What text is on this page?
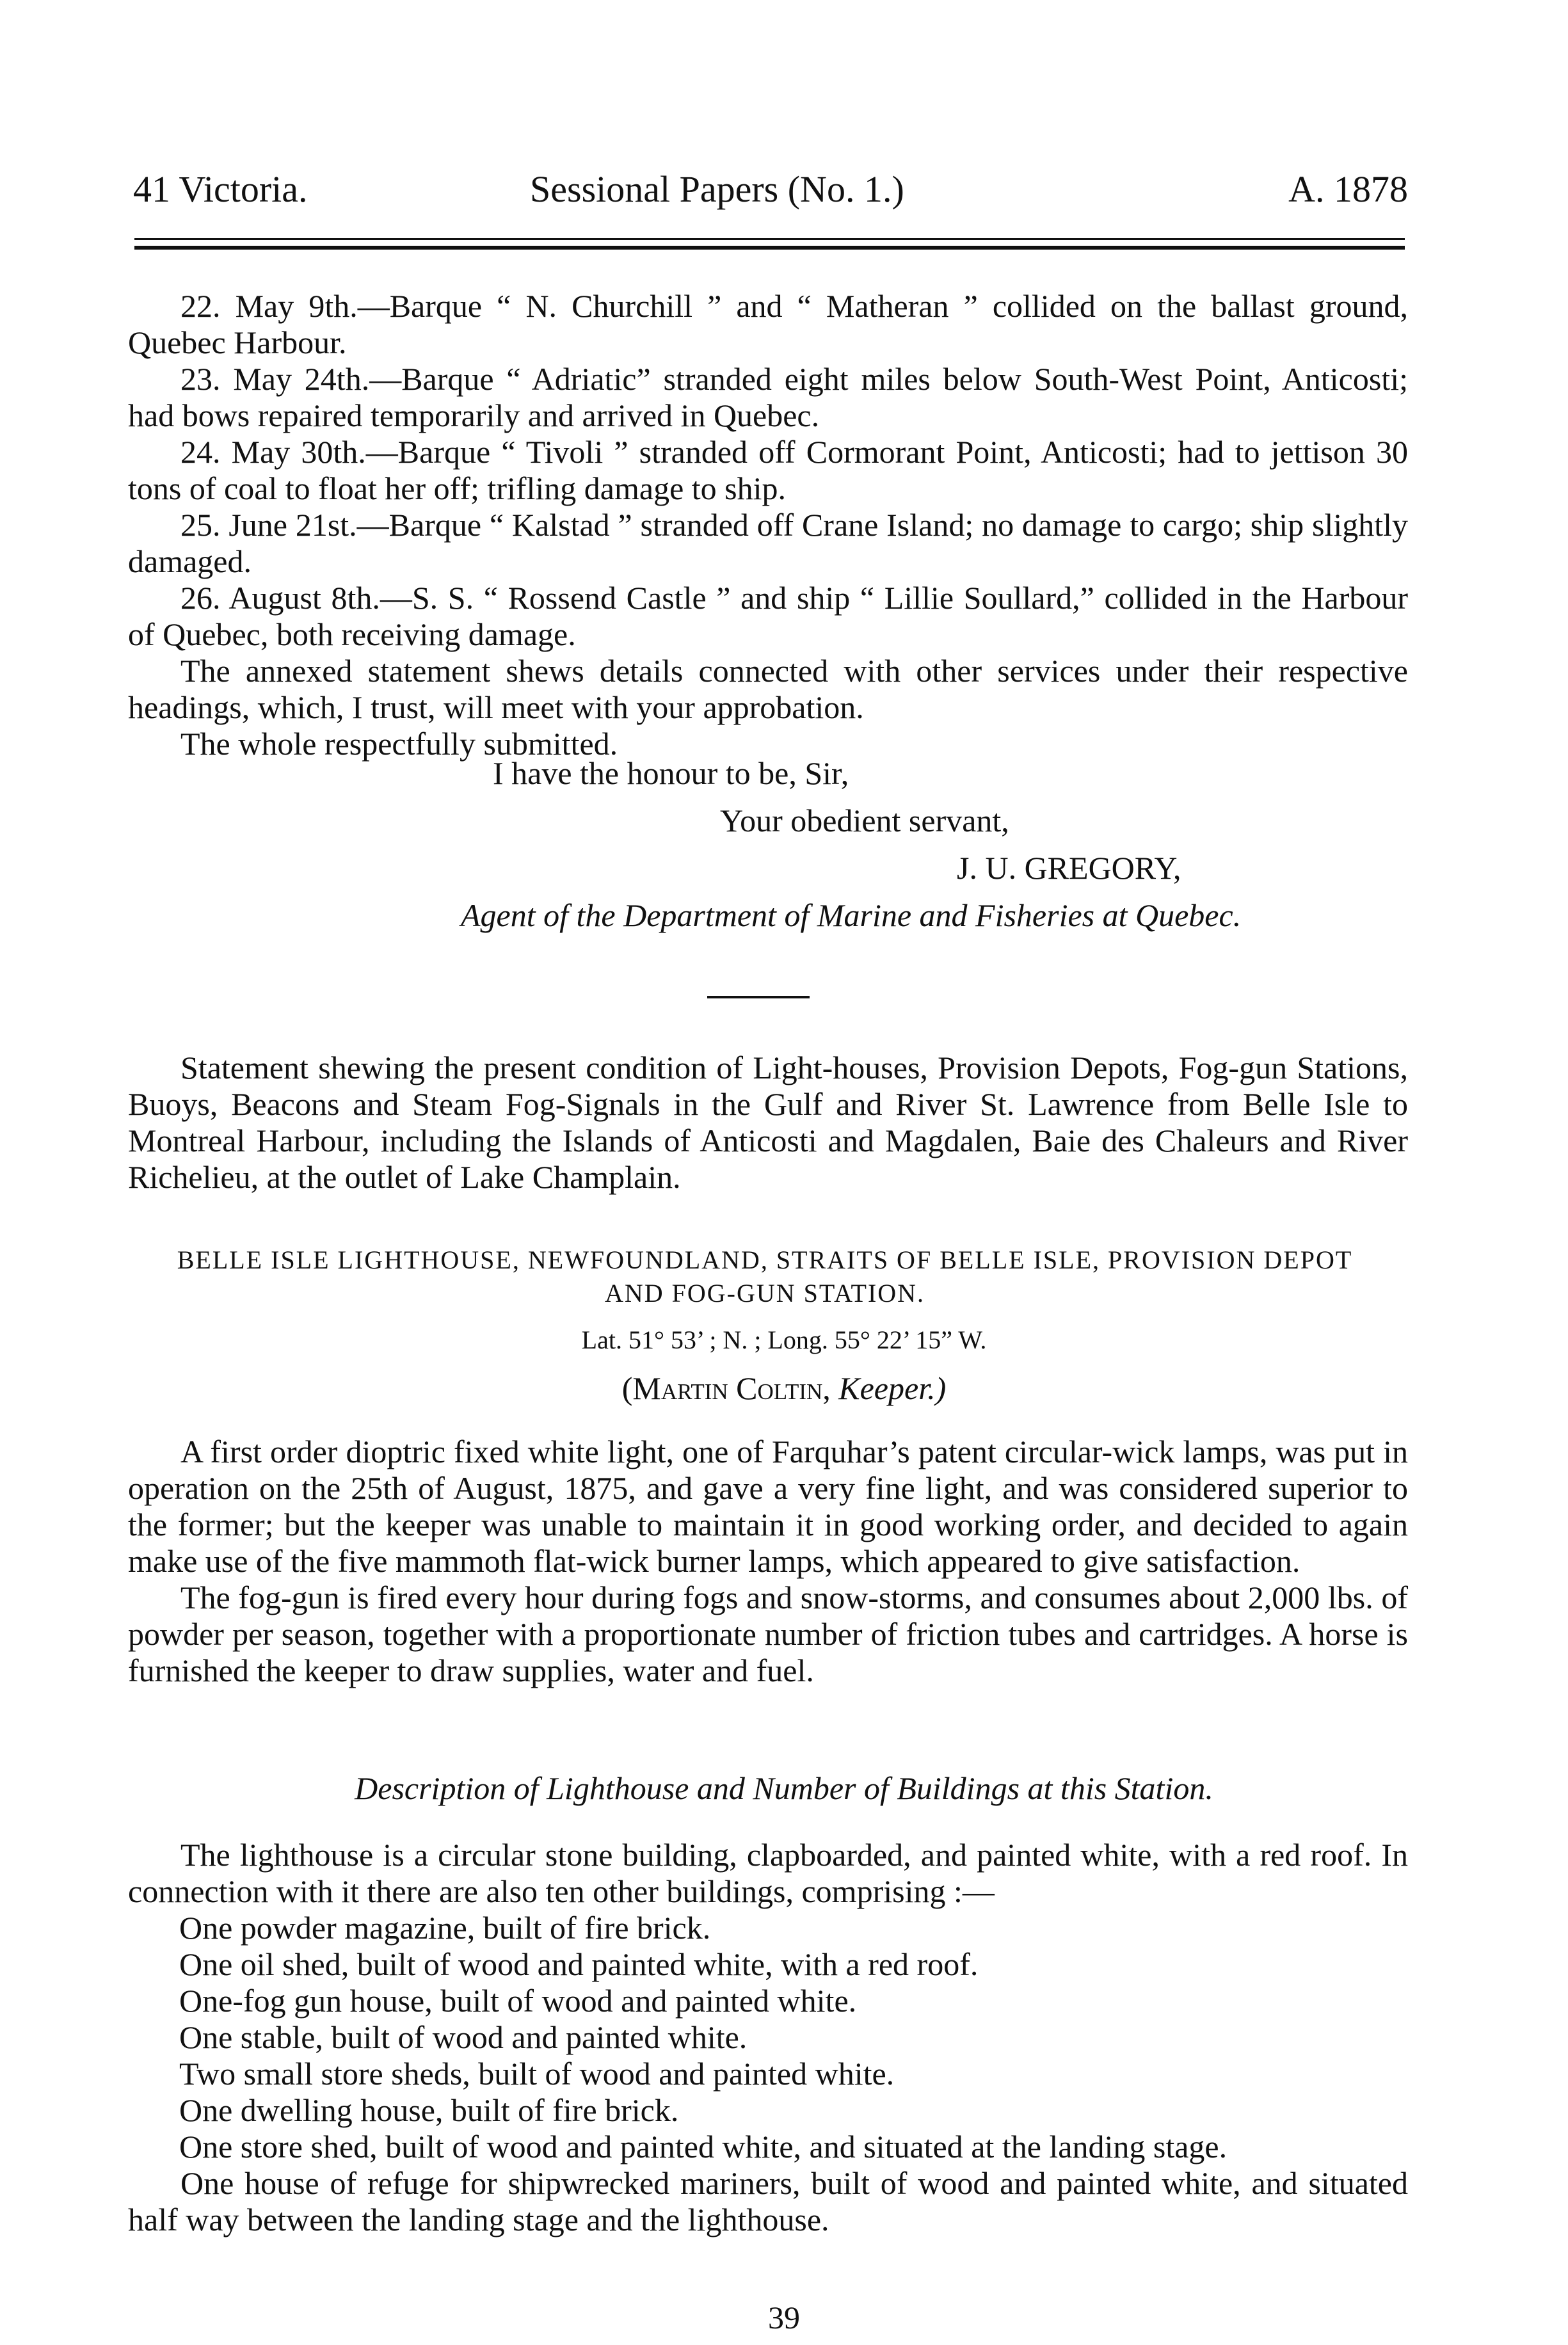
41 Victoria.	Sessional Papers (No. 1.)	A. 1878

22. May 9th.—Barque “ N. Churchill ” and “ Matheran ” collided on the ballast ground, Quebec Harbour.

23. May 24th.—Barque “ Adriatic” stranded eight miles below South-West Point, Anticosti; had bows repaired temporarily and arrived in Quebec.

24. May 30th.—Barque “ Tivoli ” stranded off Cormorant Point, Anticosti; had to jettison 30 tons of coal to float her off; trifling damage to ship.

25. June 21st.—Barque “ Kalstad ” stranded off Crane Island; no damage to cargo; ship slightly damaged.

26. August 8th.—S. S. “ Rossend Castle ” and ship “ Lillie Soullard,” collided in the Harbour of Quebec, both receiving damage.

The annexed statement shews details connected with other services under their respective headings, which, I trust, will meet with your approbation.

The whole respectfully submitted.

I have the honour to be, Sir,
Your obedient servant,
J. U. GREGORY,
Agent of the Department of Marine and Fisheries at Quebec.

Statement shewing the present condition of Light-houses, Provision Depots, Fog-gun Stations, Buoys, Beacons and Steam Fog-Signals in the Gulf and River St. Lawrence from Belle Isle to Montreal Harbour, including the Islands of Anticosti and Magdalen, Baie des Chaleurs and River Richelieu, at the outlet of Lake Champlain.

BELLE ISLE LIGHTHOUSE, NEWFOUNDLAND, STRAITS OF BELLE ISLE, PROVISION DEPOT
AND FOG-GUN STATION.
Lat. 51° 53’ ; N. ; Long. 55° 22’ 15” W.
(Martin Coltin, Keeper.)

A first order dioptric fixed white light, one of Farquhar’s patent circular-wick lamps, was put in operation on the 25th of August, 1875, and gave a very fine light, and was considered superior to the former; but the keeper was unable to maintain it in good working order, and decided to again make use of the five mammoth flat-wick burner lamps, which appeared to give satisfaction.

The fog-gun is fired every hour during fogs and snow-storms, and consumes about 2,000 lbs. of powder per season, together with a proportionate number of friction tubes and cartridges. A horse is furnished the keeper to draw supplies, water and fuel.

Description of Lighthouse and Number of Buildings at this Station.

The lighthouse is a circular stone building, clapboarded, and painted white, with a red roof. In connection with it there are also ten other buildings, comprising :—

One powder magazine, built of fire brick.

One oil shed, built of wood and painted white, with a red roof.

One-fog gun house, built of wood and painted white.

One stable, built of wood and painted white.

Two small store sheds, built of wood and painted white.

One dwelling house, built of fire brick.

One store shed, built of wood and painted white, and situated at the landing stage.

One house of refuge for shipwrecked mariners, built of wood and painted white, and situated half way between the landing stage and the lighthouse.

39
